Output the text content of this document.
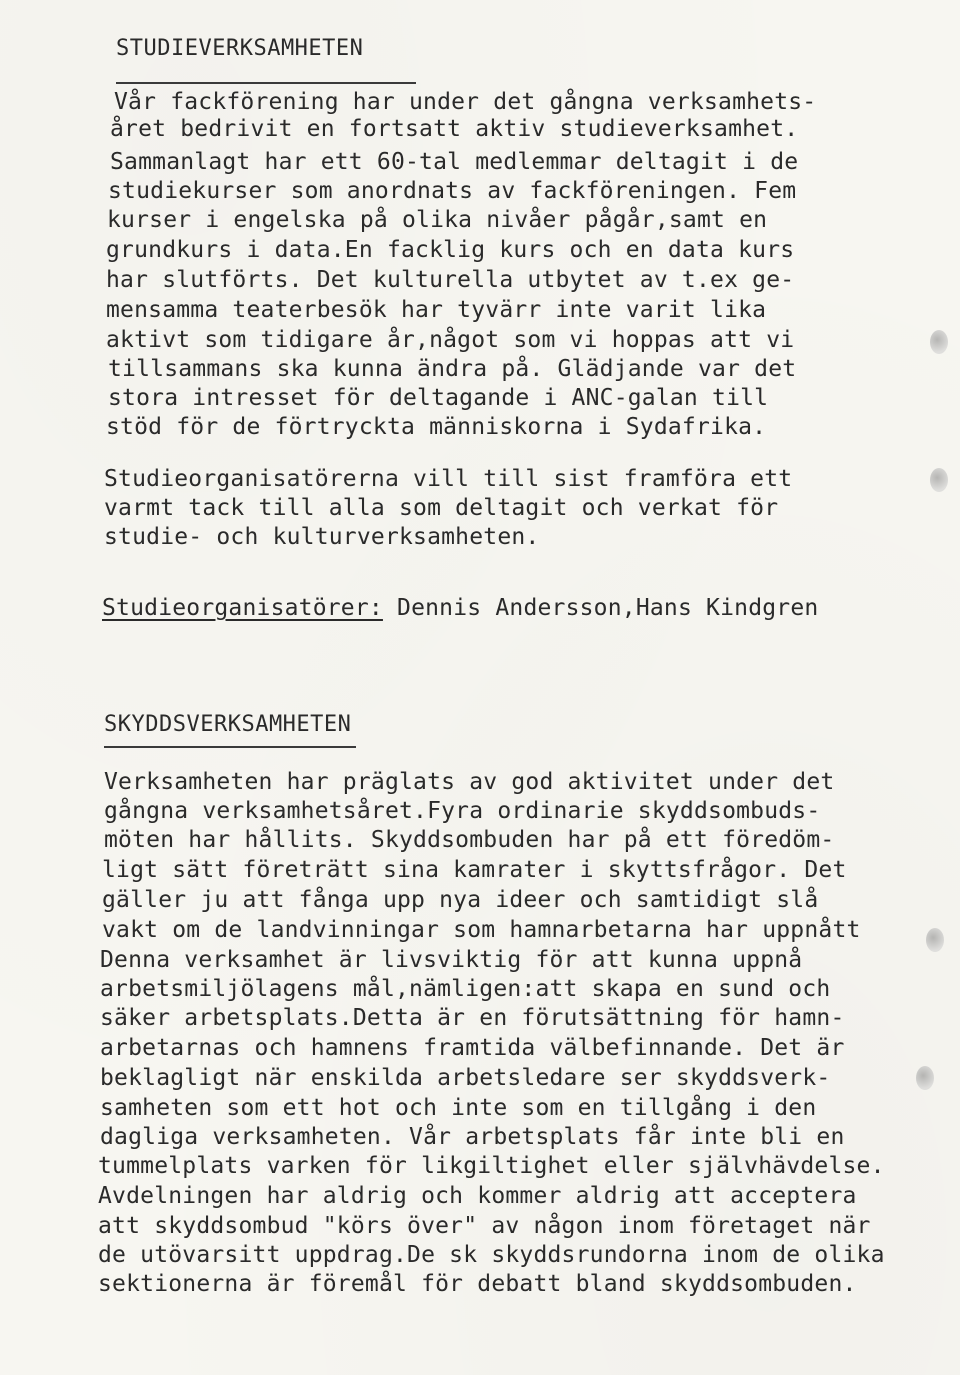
STUDIEVERKSAMHETEN
Vår fackförening har under det gångna verksamhets-
året bedrivit en fortsatt aktiv studieverksamhet.
Sammanlagt har ett 60-tal medlemmar deltagit i de
studiekurser som anordnats av fackföreningen. Fem
kurser i engelska på olika nivåer pågår,samt en
grundkurs i data.En facklig kurs och en data kurs
har slutförts. Det kulturella utbytet av t.ex ge-
mensamma teaterbesök har tyvärr inte varit lika
aktivt som tidigare år,något som vi hoppas att vi
tillsammans ska kunna ändra på. Glädjande var det
stora intresset för deltagande i ANC-galan till
stöd för de förtryckta människorna i Sydafrika.
Studieorganisatörerna vill till sist framföra ett
varmt tack till alla som deltagit och verkat för
studie- och kulturverksamheten.
Studieorganisatörer: Dennis Andersson,Hans Kindgren
SKYDDSVERKSAMHETEN
Verksamheten har präglats av god aktivitet under det
gångna verksamhetsåret.Fyra ordinarie skyddsombuds-
möten har hållits. Skyddsombuden har på ett föredöm-
ligt sätt företrätt sina kamrater i skyttsfrågor. Det
gäller ju att fånga upp nya ideer och samtidigt slå
vakt om de landvinningar som hamnarbetarna har uppnått
Denna verksamhet är livsviktig för att kunna uppnå
arbetsmiljölagens mål,nämligen:att skapa en sund och
säker arbetsplats.Detta är en förutsättning för hamn-
arbetarnas och hamnens framtida välbefinnande. Det är
beklagligt när enskilda arbetsledare ser skyddsverk-
samheten som ett hot och inte som en tillgång i den
dagliga verksamheten. Vår arbetsplats får inte bli en
tummelplats varken för likgiltighet eller självhävdelse.
Avdelningen har aldrig och kommer aldrig att acceptera
att skyddsombud "körs över" av någon inom företaget när
de utövarsitt uppdrag.De sk skyddsrundorna inom de olika
sektionerna är föremål för debatt bland skyddsombuden.
